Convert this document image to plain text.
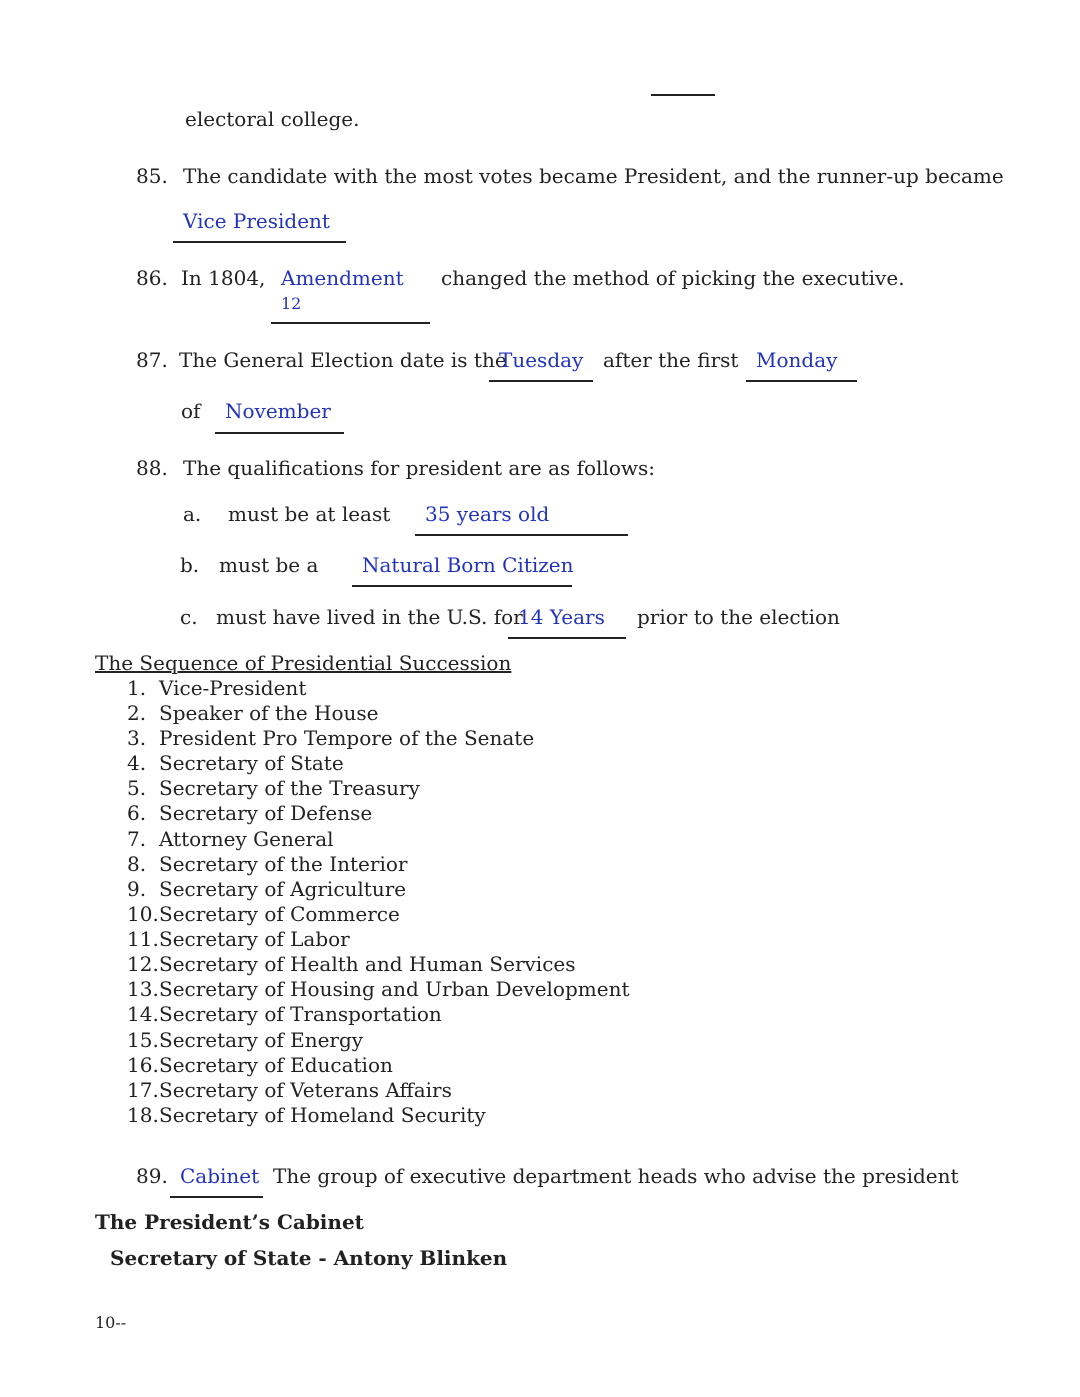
electoral college.
85. The candidate with the most votes became President, and the runner-up became
Vice President
86. In 1804, Amendment
12
changed the method of picking the executive.
87. The General Election date is the
Tuesday after the first Monday
of November
88. The qualifications for president are as follows:
a. must be at least 35 years old
b. must be a Natural Born Citizen
c. must have lived in the U.S. for
14 Years prior to the election
The Sequence of Presidential Succession
1. Vice-President
2. Speaker of the House
3. President Pro Tempore of the Senate
4. Secretary of State
5. Secretary of the Treasury
6. Secretary of Defense
7. Attorney General
8. Secretary of the Interior
9. Secretary of Agriculture
10.Secretary of Commerce
11.Secretary of Labor
12.Secretary of Health and Human Services
13.Secretary of Housing and Urban Development
14.Secretary of Transportation
15.Secretary of Energy
16.Secretary of Education
17.Secretary of Veterans Affairs
18.Secretary of Homeland Security
89. Cabinet The group of executive department heads who advise the president
The President’s Cabinet
Secretary of State - Antony Blinken
10--
